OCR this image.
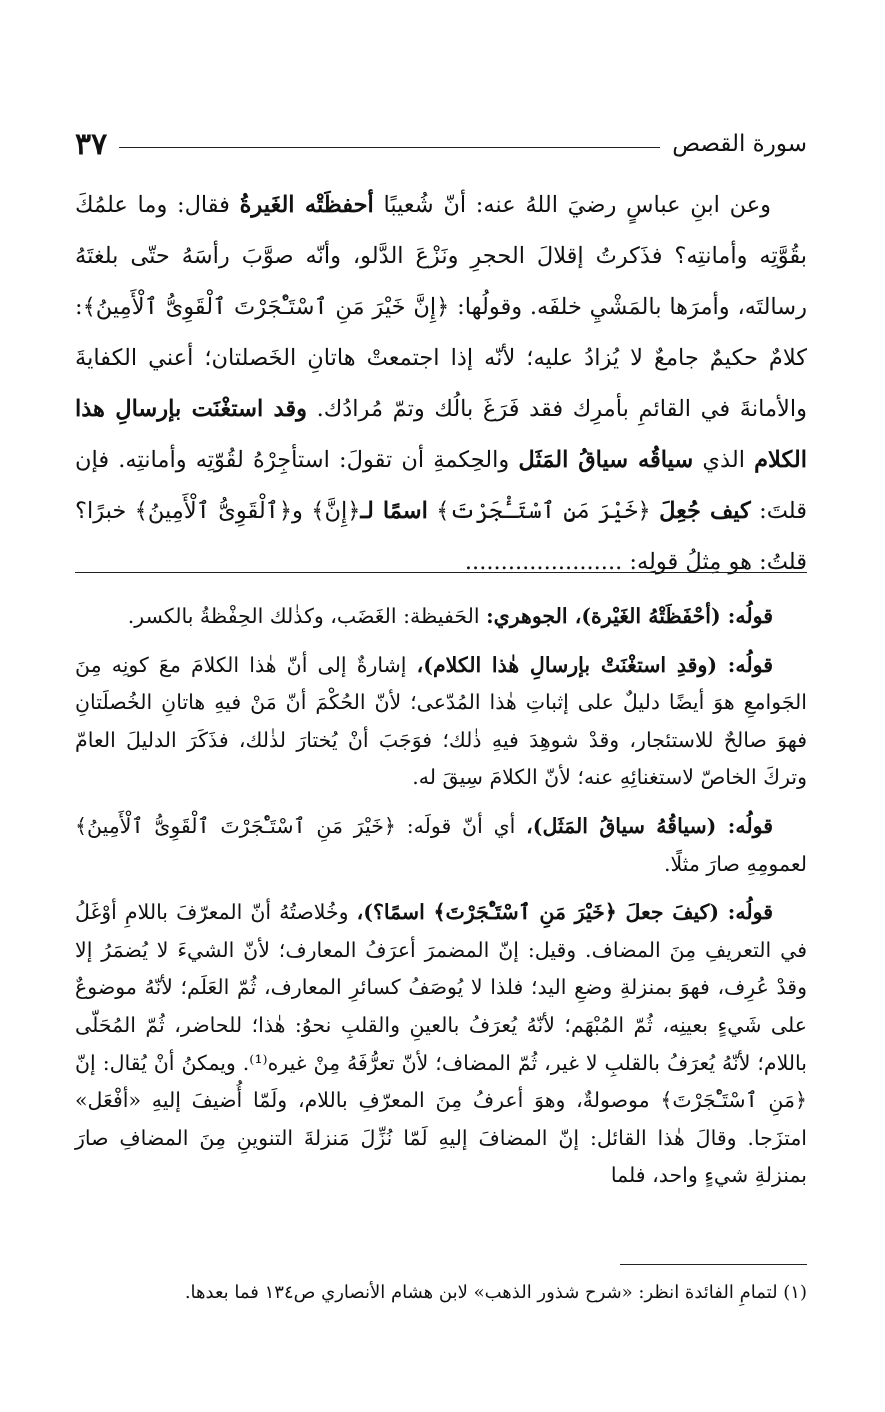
سورة القصص
٣٧

وعن ابنِ عباسٍ رضيَ اللهُ عنه: أنّ شُعيبًا أحفظَتْه الغَيرةُ فقال: وما علمُكَ بقُوَّتِه وأمانتِه؟ فذَكرتُ إقلالَ الحجرِ ونَزْعَ الدَّلو، وأنّه صوَّبَ رأسَهُ حتّى بلغتَهُ رسالتَه، وأمرَها بالمَشْيِ خلفَه. وقولُها: ﴿إِنَّ خَيْرَ مَنِ ٱسْتَـْٔجَرْتَ ٱلْقَوِىُّ ٱلْأَمِينُ﴾: كلامٌ حكيمٌ جامعٌ لا يُزادُ عليه؛ لأنّه إذا اجتمعتْ هاتانِ الخَصلتان؛ أعني الكفايةَ والأمانةَ في القائمِ بأمرِك فقد فَرَغَ بالُك وتمّ مُرادُك. وقد استغْنَت بإرسالِ هذا الكلام الذي سياقُه سياقُ المَثَل والحِكمةِ أن تقولَ: استأجِرْهُ لقُوّتِه وأمانتِه. فإن قلتَ: كيف جُعِلَ ﴿خَيْرَ مَنِ ٱسْتَـْٔجَرْتَ﴾ اسمًا لـ﴿إِنَّ﴾ و﴿ٱلْقَوِىُّ ٱلْأَمِينُ﴾ خبرًا؟ قلتُ: هو مِثلُ قولِه: ......................

قولُه: (أحْفَظَتْهُ الغَيْرة)، الجوهري: الحَفيظة: الغَضَب، وكذٰلك الحِفْظةُ بالكسر.

قولُه: (وقدِ استغْنَتْ بإرسالِ هٰذا الكلام)، إشارةٌ إلى أنّ هٰذا الكلامَ معَ كونِه مِنَ الجَوامعِ هوَ أيضًا دليلٌ على إثباتِ هٰذا المُدّعى؛ لأنّ الحُكْمَ أنّ مَنْ فيهِ هاتانِ الخُصلَتانِ فهوَ صالحٌ للاستئجار، وقدْ شوهِدَ فيهِ ذٰلك؛ فوَجَبَ أنْ يُختارَ لذٰلك، فذَكَرَ الدليلَ العامّ وتركَ الخاصّ لاستغنائِهِ عنه؛ لأنّ الكلامَ سِيقَ له.

قولُه: (سياقُهُ سياقُ المَثَل)، أي أنّ قولَه: ﴿خَيْرَ مَنِ ٱسْتَـْٔجَرْتَ ٱلْقَوِىُّ ٱلْأَمِينُ﴾ لعمومِهِ صارَ مثلًا.

قولُه: (كيفَ جعلَ ﴿خَيْرَ مَنِ ٱسْتَـْٔجَرْتَ﴾ اسمًا؟)، وخُلاصتُهُ أنّ المعرّفَ باللامِ أوْغَلُ في التعريفِ مِنَ المضاف. وقيل: إنّ المضمرَ أعرَفُ المعارف؛ لأنّ الشيءَ لا يُضمَرُ إلا وقدْ عُرِف، فهوَ بمنزلةِ وضعِ اليد؛ فلذا لا يُوصَفُ كسائرِ المعارف، ثُمّ العَلَم؛ لأنّهُ موضوعٌ على شَيءٍ بعينِه، ثُمّ المُبْهَم؛ لأنّهُ يُعرَفُ بالعينِ والقلبِ نحوُ: هٰذا؛ للحاضر، ثُمّ المُحَلّى باللام؛ لأنّهُ يُعرَفُ بالقلبِ لا غير، ثُمّ المضاف؛ لأنّ تعرُّفَهُ مِنْ غيره⁽¹⁾. ويمكنُ أنْ يُقال: إنّ ﴿مَنِ ٱسْتَـْٔجَرْتَ﴾ موصولةٌ، وهوَ أعرفُ مِنَ المعرّفِ باللام، ولَمّا أُضيفَ إليهِ «أفْعَل» امتزَجا. وقالَ هٰذا القائل: إنّ المضافَ إليهِ لَمّا نُزِّلَ مَنزلةَ التنوينِ مِنَ المضافِ صارَ بمنزلةِ شيءٍ واحد، فلما

(١) لتمامِ الفائدة انظر: «شرح شذور الذهب» لابن هشام الأنصاري ص١٣٤ فما بعدها.
